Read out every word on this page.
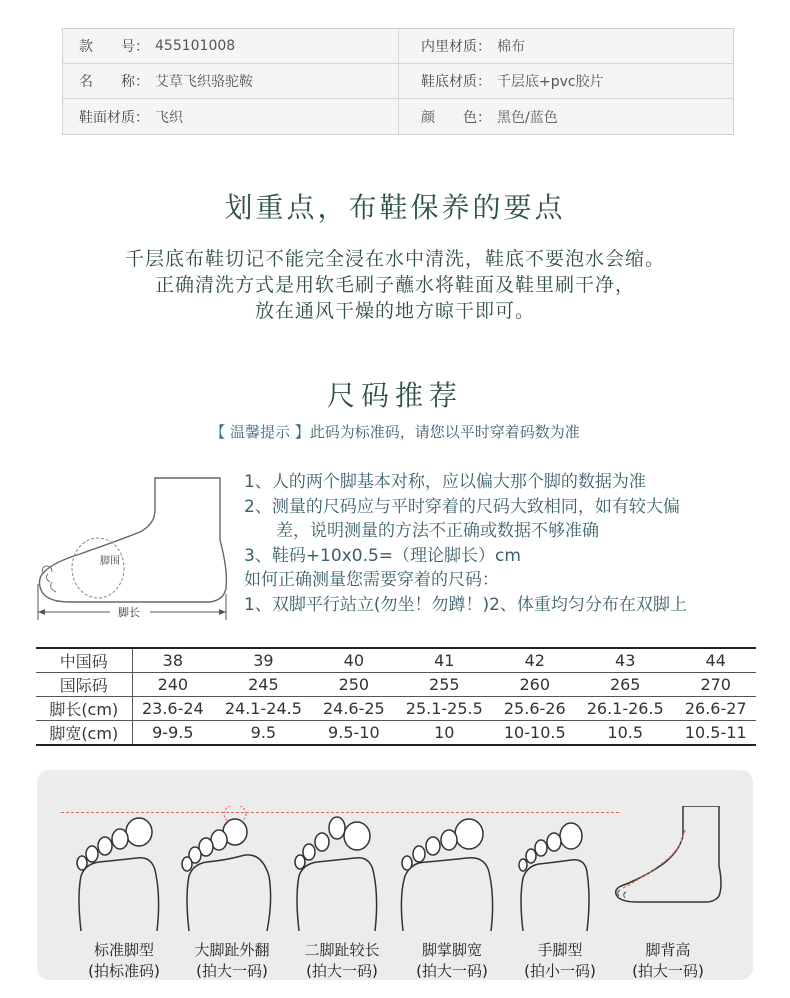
款　　号： 455101008	内里材质： 棉布
名　　称： 艾草飞织骆驼鞍	鞋底材质： 千层底+pvc胶片
鞋面材质： 飞织	颜　　色： 黑色/蓝色
划重点，布鞋保养的要点
千层底布鞋切记不能完全浸在水中清洗，鞋底不要泡水会缩。
正确清洗方式是用软毛刷子蘸水将鞋面及鞋里刷干净，
放在通风干燥的地方晾干即可。
尺码推荐
【 温馨提示 】此码为标准码，请您以平时穿着码数为准
脚围
脚长
1、人的两个脚基本对称，应以偏大那个脚的数据为准
2、测量的尺码应与平时穿着的尺码大致相同，如有较大偏
差，说明测量的方法不正确或数据不够准确
3、鞋码+10x0.5=（理论脚长）cm
如何正确测量您需要穿着的尺码：
1、双脚平行站立(勿坐！勿蹲！)2、体重均匀分布在双脚上
中国码	38	39	40	41	42	43	44
国际码	240	245	250	255	260	265	270
脚长(cm)	23.6-24	24.1-24.5	24.6-25	25.1-25.5	25.6-26	26.1-26.5	26.6-27
脚宽(cm)	9-9.5	9.5	9.5-10	10	10-10.5	10.5	10.5-11
标准脚型
(拍标准码)
大脚趾外翻
(拍大一码)
二脚趾较长
(拍大一码)
脚掌脚宽
(拍大一码)
手脚型
(拍小一码)
脚背高
(拍大一码)
